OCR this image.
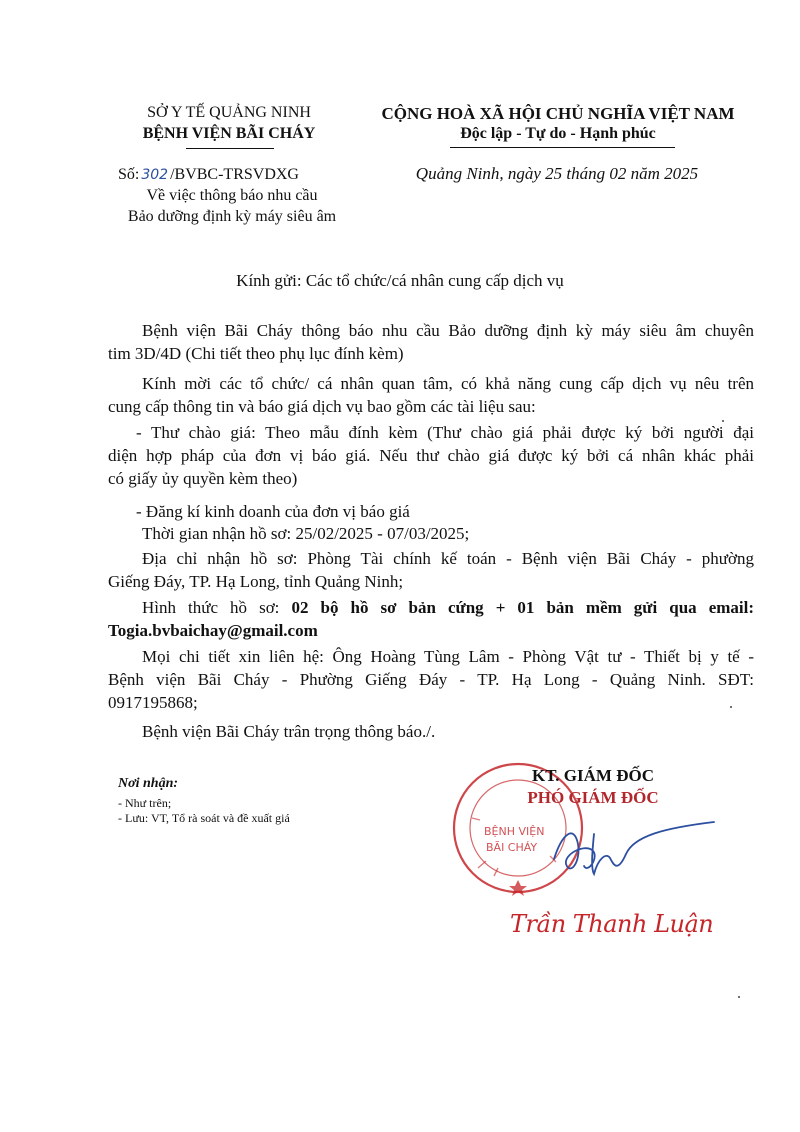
SỞ Y TẾ QUẢNG NINH
BỆNH VIỆN BÃI CHÁY
CỘNG HOÀ XÃ HỘI CHỦ NGHĨA VIỆT NAM
Độc lập - Tự do - Hạnh phúc
Số: 302 /BVBC-TRSVDXG
Về việc thông báo nhu cầu
Bảo dưỡng định kỳ máy siêu âm
Quảng Ninh, ngày 25 tháng 02 năm 2025
Kính gửi: Các tổ chức/cá nhân cung cấp dịch vụ
Bệnh viện Bãi Cháy thông báo nhu cầu Bảo dưỡng định kỳ máy siêu âm chuyên
tim 3D/4D (Chi tiết theo phụ lục đính kèm)
Kính mời các tổ chức/ cá nhân quan tâm, có khả năng cung cấp dịch vụ nêu trên
cung cấp thông tin và báo giá dịch vụ bao gồm các tài liệu sau:
- Thư chào giá: Theo mẫu đính kèm (Thư chào giá phải được ký bởi người đại
diện hợp pháp của đơn vị báo giá. Nếu thư chào giá được ký bởi cá nhân khác phải
có giấy ủy quyền kèm theo)
- Đăng kí kinh doanh của đơn vị báo giá
Thời gian nhận hồ sơ: 25/02/2025 - 07/03/2025;
Địa chỉ nhận hồ sơ: Phòng Tài chính kế toán - Bệnh viện Bãi Cháy - phường
Giếng Đáy, TP. Hạ Long, tỉnh Quảng Ninh;
Hình thức hồ sơ: 02 bộ hồ sơ bản cứng + 01 bản mềm gửi qua email:
Togia.bvbaichay@gmail.com
Mọi chi tiết xin liên hệ: Ông Hoàng Tùng Lâm - Phòng Vật tư - Thiết bị y tế -
Bệnh viện Bãi Cháy - Phường Giếng Đáy - TP. Hạ Long - Quảng Ninh. SĐT:
0917195868;
Bệnh viện Bãi Cháy trân trọng thông báo./.
Nơi nhận:
- Như trên;
- Lưu: VT, Tổ rà soát và đề xuất giá
BỆNH VIỆN
BÃI CHÁY
KT. GIÁM ĐỐC
PHÓ GIÁM ĐỐC
Trần Thanh Luận
